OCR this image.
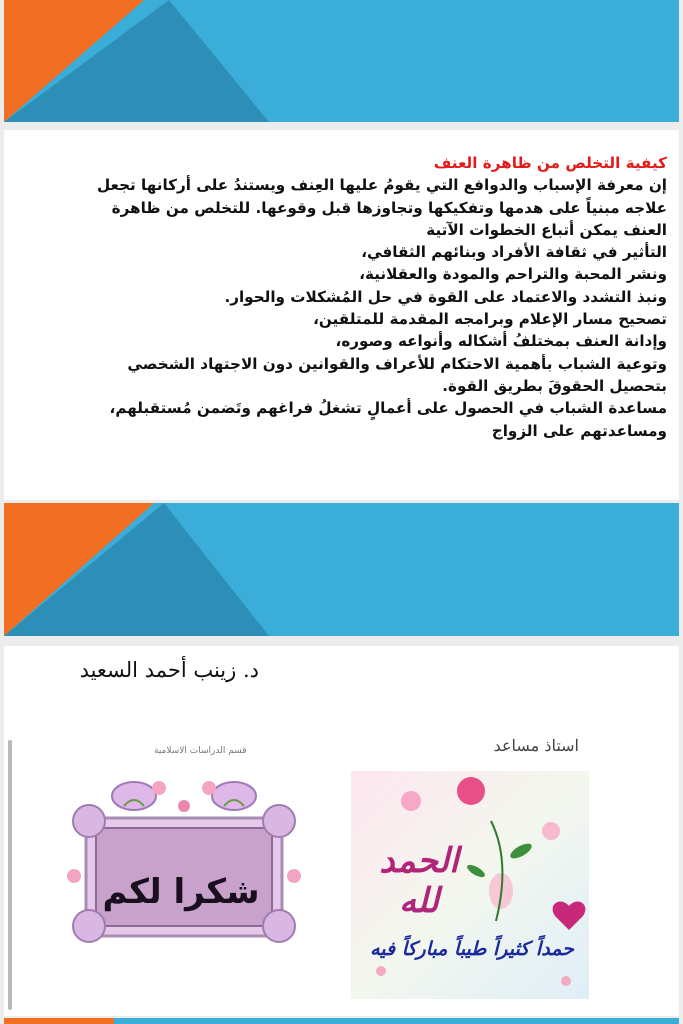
كيفية التخلص من ظاهرة العنف
إن معرفة الإسباب والدوافع التي يقومُ عليها العِنف ويستندُ على أركانها تجعل
علاجه مبنياً على هدمها وتفكيكها وتجاوزها قبل وقوعها. للتخلص من ظاهرة
العنف يمكن أتباع الخطوات الآتية
التأثير في ثقافة الأفراد وبنائهم الثقافي،
ونشر المحبة والتراحم والمودة والعقلانية،
ونبذ التشدد والاعتماد على القوة في حل المُشكلات والحوار.
تصحيح مسار الإعلام وبرامجه المقدمة للمتلقين،
وإدانة العنف بمختلفُ أشكاله وأنواعه وصوره،
وتوعية الشباب بأهمية الاحتكام للأعراف والقوانين دون الاجتهاد الشخصي
بتحصيل الحقوقَ بطريق القوة.
مساعدة الشباب في الحصول على أعمالٍ تشغلُ فراغهم وتَضمن مُستقبلهم،
ومساعدتهم على الزواج
د. زينب أحمد السعيد
استاذ مساعد
قسم الدراسات الاسلامية
شكرا لكم
الحمد لله
حمداً كثيراً طيباً مباركاً فيه
